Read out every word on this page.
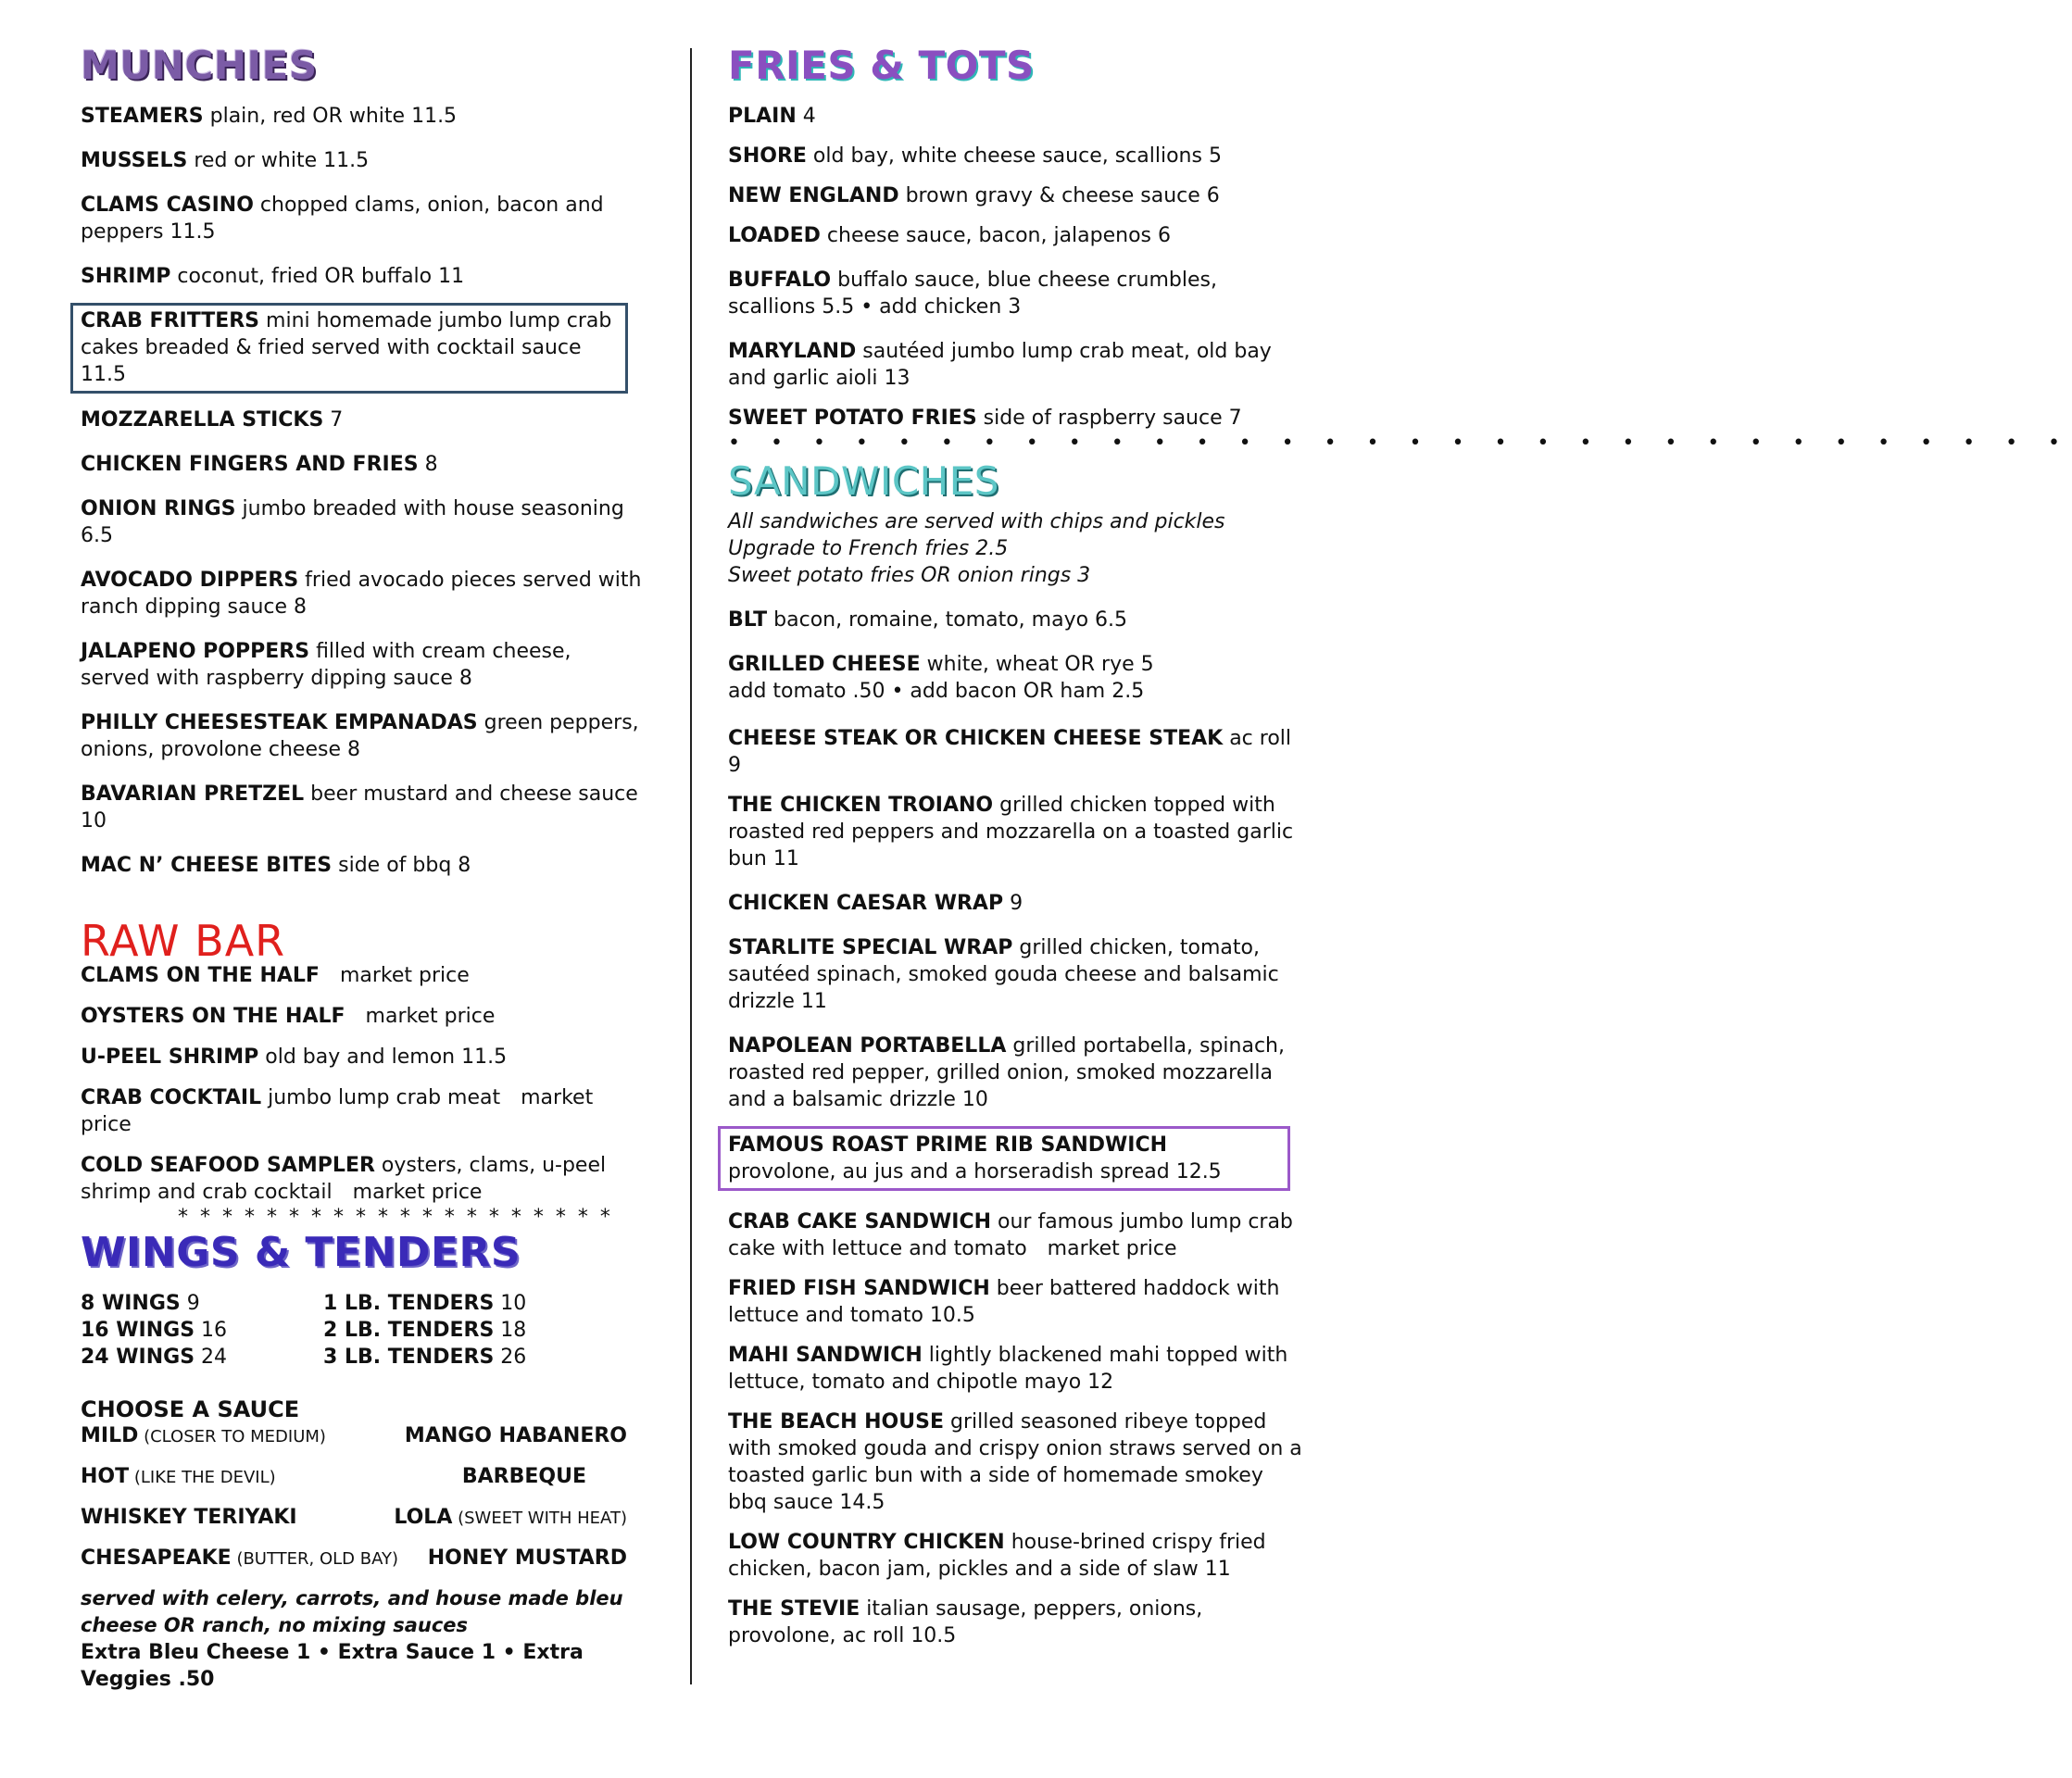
MUNCHIES
STEAMERS plain, red OR white 11.5
MUSSELS red or white 11.5
CLAMS CASINO chopped clams, onion, bacon and peppers 11.5
SHRIMP coconut, fried OR buffalo 11
CRAB FRITTERS mini homemade jumbo lump crab cakes breaded & fried served with cocktail sauce 11.5
MOZZARELLA STICKS 7
CHICKEN FINGERS AND FRIES 8
ONION RINGS jumbo breaded with house seasoning 6.5
AVOCADO DIPPERS fried avocado pieces served with ranch dipping sauce 8
JALAPENO POPPERS filled with cream cheese, served with raspberry dipping sauce 8
PHILLY CHEESESTEAK EMPANADAS green peppers, onions, provolone cheese 8
BAVARIAN PRETZEL beer mustard and cheese sauce 10
MAC N’ CHEESE BITES side of bbq 8
RAW BAR
CLAMS ON THE HALF market price
OYSTERS ON THE HALF market price
U-PEEL SHRIMP old bay and lemon 11.5
CRAB COCKTAIL jumbo lump crab meat market price
COLD SEAFOOD SAMPLER oysters, clams, u-peel shrimp and crab cocktail market price
* * * * * * * * * * * * * * * * * * * *
WINGS & TENDERS
8 WINGS 9	1 LB. TENDERS 10
16 WINGS 16	2 LB. TENDERS 18
24 WINGS 24	3 LB. TENDERS 26
CHOOSE A SAUCE
MILD (CLOSER TO MEDIUM)	MANGO HABANERO
HOT (LIKE THE DEVIL)	BARBEQUE
WHISKEY TERIYAKI	LOLA (SWEET WITH HEAT)
CHESAPEAKE (BUTTER, OLD BAY) HONEY MUSTARD
served with celery, carrots, and house made bleu cheese OR ranch, no mixing sauces
Extra Bleu Cheese 1 • Extra Sauce 1 • Extra Veggies .50
FRIES & TOTS
PLAIN 4
SHORE old bay, white cheese sauce, scallions 5
NEW ENGLAND brown gravy & cheese sauce 6
LOADED cheese sauce, bacon, jalapenos 6
BUFFALO buffalo sauce, blue cheese crumbles, scallions 5.5 • add chicken 3
MARYLAND sautéed jumbo lump crab meat, old bay and garlic aioli 13
SWEET POTATO FRIES side of raspberry sauce 7
• • • • • • • • • • • • • • • • • • • • • • • • • • • • • • • •
SANDWICHES
All sandwiches are served with chips and pickles
Upgrade to French fries 2.5
Sweet potato fries OR onion rings 3
BLT bacon, romaine, tomato, mayo 6.5
GRILLED CHEESE white, wheat OR rye 5
add tomato .50 • add bacon OR ham 2.5
CHEESE STEAK OR CHICKEN CHEESE STEAK ac roll 9
THE CHICKEN TROIANO grilled chicken topped with roasted red peppers and mozzarella on a toasted garlic bun 11
CHICKEN CAESAR WRAP 9
STARLITE SPECIAL WRAP grilled chicken, tomato, sautéed spinach, smoked gouda cheese and balsamic drizzle 11
NAPOLEAN PORTABELLA grilled portabella, spinach, roasted red pepper, grilled onion, smoked mozzarella and a balsamic drizzle 10
FAMOUS ROAST PRIME RIB SANDWICH provolone, au jus and a horseradish spread 12.5
CRAB CAKE SANDWICH our famous jumbo lump crab cake with lettuce and tomato market price
FRIED FISH SANDWICH beer battered haddock with lettuce and tomato 10.5
MAHI SANDWICH lightly blackened mahi topped with lettuce, tomato and chipotle mayo 12
THE BEACH HOUSE grilled seasoned ribeye topped with smoked gouda and crispy onion straws served on a toasted garlic bun with a side of homemade smokey bbq sauce 14.5
LOW COUNTRY CHICKEN house-brined crispy fried chicken, bacon jam, pickles and a side of slaw 11
THE STEVIE italian sausage, peppers, onions, provolone, ac roll 10.5
